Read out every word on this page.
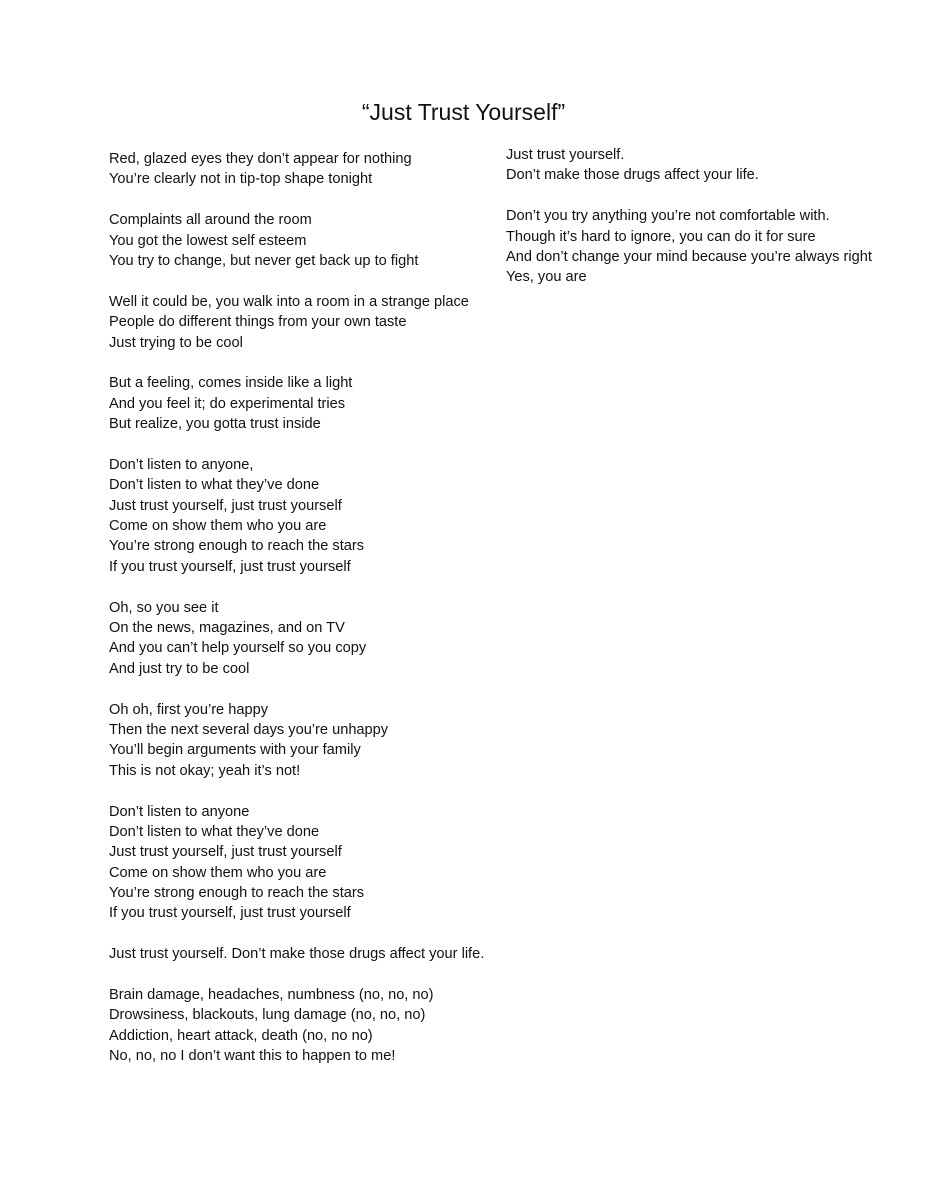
“Just Trust Yourself”
Red, glazed eyes they don’t appear for nothing
You’re clearly not in tip-top shape tonight
Complaints all around the room
You got the lowest self esteem
You try to change, but never get back up to fight
Well it could be, you walk into a room in a strange place
People do different things from your own taste
Just trying to be cool
But a feeling, comes inside like a light
And you feel it; do experimental tries
But realize, you gotta trust inside
Don’t listen to anyone,
Don’t listen to what they’ve done
Just trust yourself, just trust yourself
Come on show them who you are
You’re strong enough to reach the stars
If you trust yourself, just trust yourself
Oh, so you see it
On the news, magazines, and on TV
And you can’t help yourself so you copy
And just try to be cool
Oh oh, first you’re happy
Then the next several days you’re unhappy
You’ll begin arguments with your family
This is not okay; yeah it’s not!
Don’t listen to anyone
Don’t listen to what they’ve done
Just trust yourself, just trust yourself
Come on show them who you are
You’re strong enough to reach the stars
If you trust yourself, just trust yourself
Just trust yourself. Don’t make those drugs affect your life.
Brain damage, headaches, numbness (no, no, no)
Drowsiness, blackouts, lung damage (no, no, no)
Addiction, heart attack, death (no, no no)
No, no, no I don’t want this to happen to me!
Just trust yourself.
Don’t make those drugs affect your life.
Don’t you try anything you’re not comfortable with.
Though it’s hard to ignore, you can do it for sure
And don’t change your mind because you’re always right
Yes, you are
